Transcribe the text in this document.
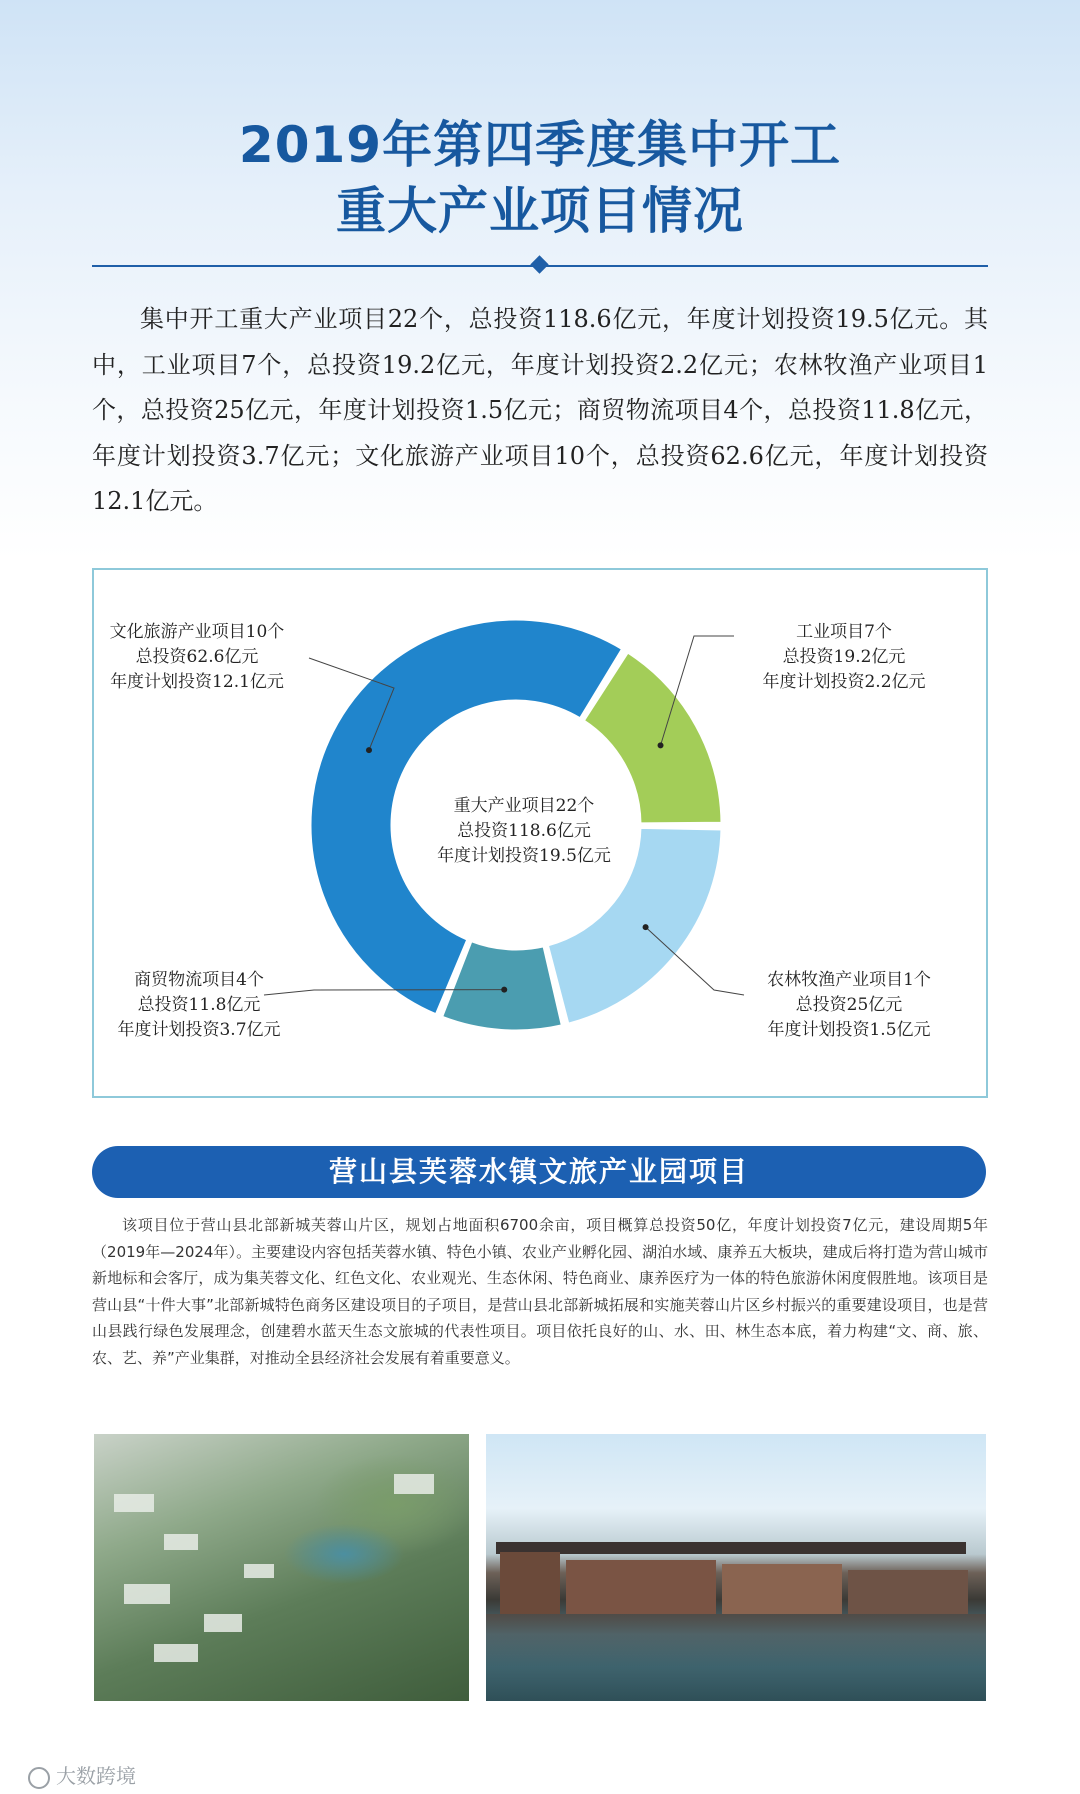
2019年第四季度集中开工
重大产业项目情况
集中开工重大产业项目22个，总投资118.6亿元，年度计划投资19.5亿元。其中，工业项目7个，总投资19.2亿元，年度计划投资2.2亿元；农林牧渔产业项目1个，总投资25亿元，年度计划投资1.5亿元；商贸物流项目4个，总投资11.8亿元，年度计划投资3.7亿元；文化旅游产业项目10个，总投资62.6亿元，年度计划投资12.1亿元。
重大产业项目22个
总投资118.6亿元
年度计划投资19.5亿元
文化旅游产业项目10个
总投资62.6亿元
年度计划投资12.1亿元
工业项目7个
总投资19.2亿元
年度计划投资2.2亿元
农林牧渔产业项目1个
总投资25亿元
年度计划投资1.5亿元
商贸物流项目4个
总投资11.8亿元
年度计划投资3.7亿元
营山县芙蓉水镇文旅产业园项目
该项目位于营山县北部新城芙蓉山片区，规划占地面积6700余亩，项目概算总投资50亿，年度计划投资7亿元，建设周期5年（2019年—2024年）。主要建设内容包括芙蓉水镇、特色小镇、农业产业孵化园、湖泊水域、康养五大板块，建成后将打造为营山城市新地标和会客厅，成为集芙蓉文化、红色文化、农业观光、生态休闲、特色商业、康养医疗为一体的特色旅游休闲度假胜地。该项目是营山县“十件大事”北部新城特色商务区建设项目的子项目，是营山县北部新城拓展和实施芙蓉山片区乡村振兴的重要建设项目，也是营山县践行绿色发展理念，创建碧水蓝天生态文旅城的代表性项目。项目依托良好的山、水、田、林生态本底，着力构建“文、商、旅、农、艺、养”产业集群，对推动全县经济社会发展有着重要意义。
大数跨境
